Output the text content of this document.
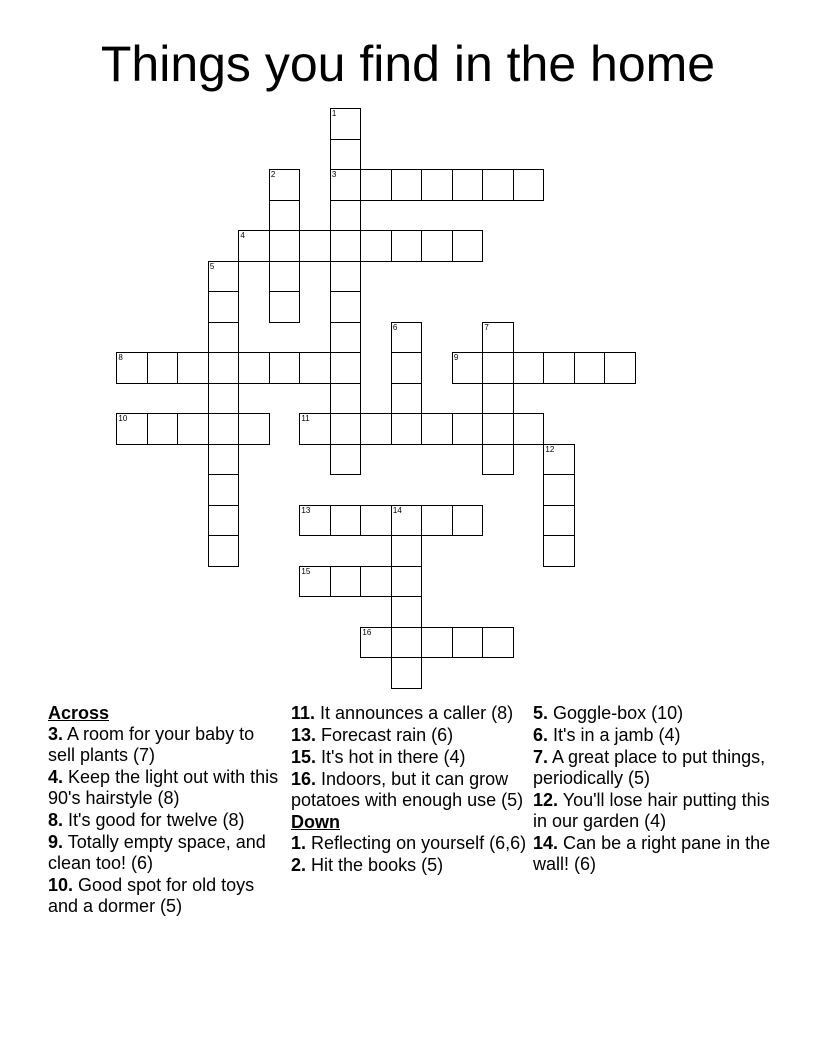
Things you find in the home
1
3
2
4
5
6	7
8	9
10	11
12
13	14
15
16
Across
3. A room for your baby to sell plants (7)
4. Keep the light out with this 90's hairstyle (8)
8. It's good for twelve (8)
9. Totally empty space, and clean too! (6)
10. Good spot for old toys and a dormer (5)
11. It announces a caller (8)
13. Forecast rain (6)
15. It's hot in there (4)
16. Indoors, but it can grow potatoes with enough use (5)
Down
1. Reflecting on yourself (6,6)
2. Hit the books (5)
5. Goggle-box (10)
6. It's in a jamb (4)
7. A great place to put things, periodically (5)
12. You'll lose hair putting this in our garden (4)
14. Can be a right pane in the wall! (6)
